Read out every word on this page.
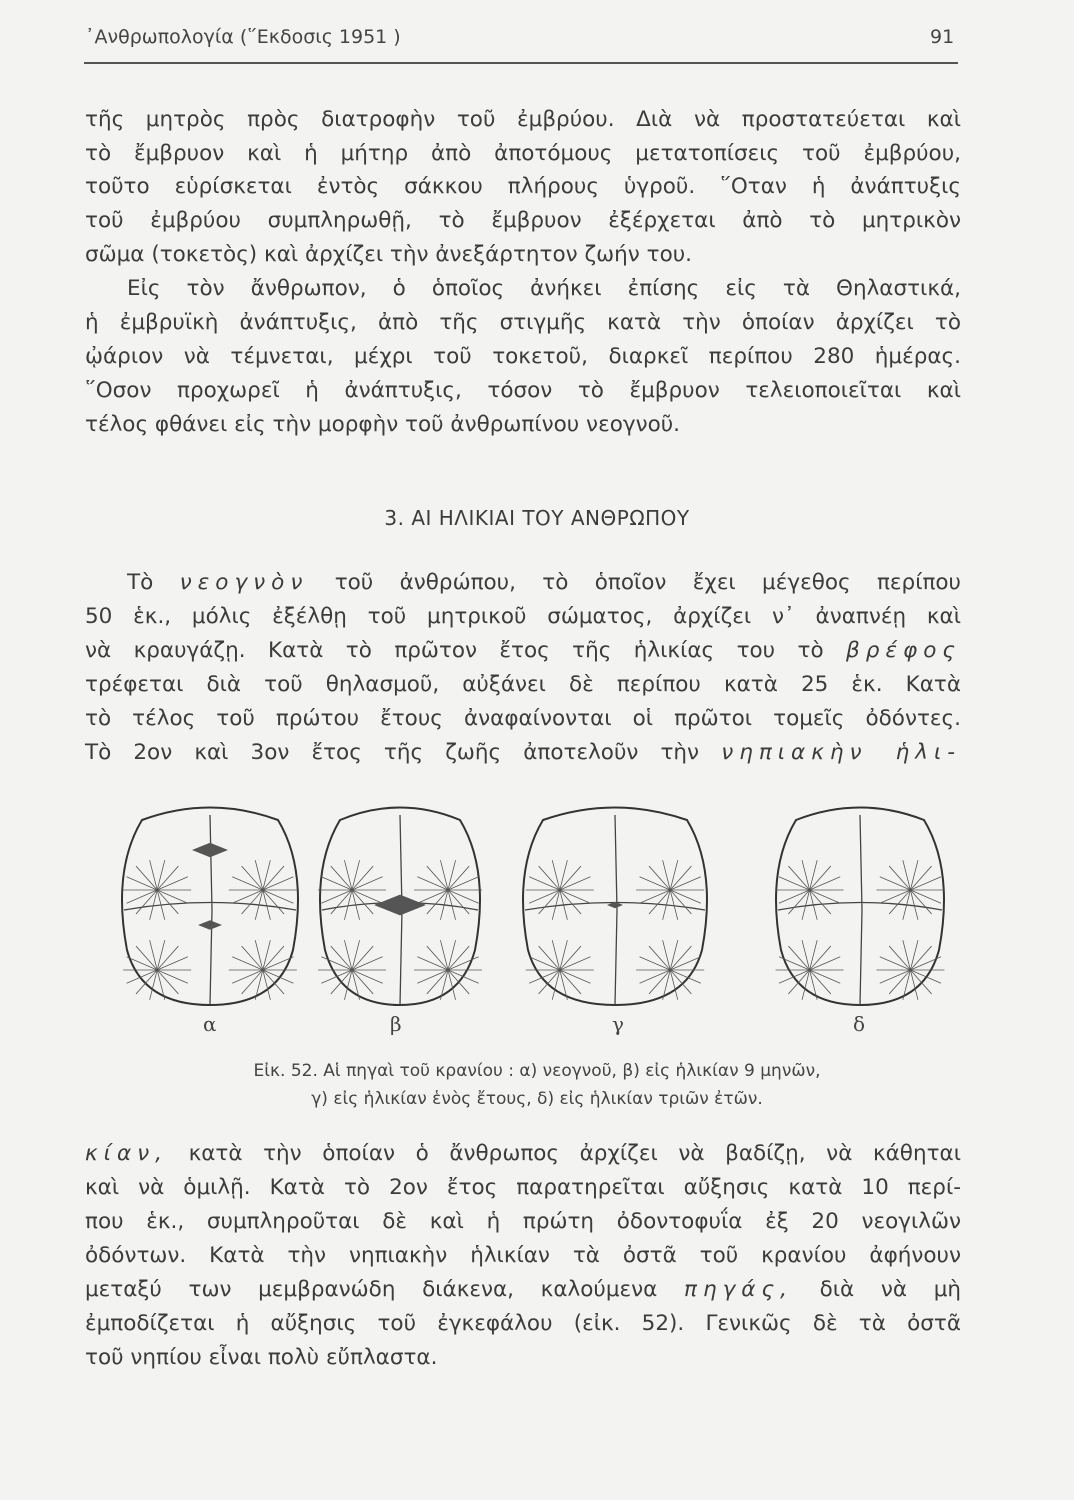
᾿Ανθρωπολογία (῞Εκδοσις 1951 )	91
τῆς μητρὸς πρὸς διατροφὴν τοῦ ἐμβρύου. Διὰ νὰ προστατεύεται καὶ
τὸ ἔμβρυον καὶ ἡ μήτηρ ἀπὸ ἀποτόμους μετατοπίσεις τοῦ ἐμβρύου,
τοῦτο εὑρίσκεται ἐντὸς σάκκου πλήρους ὑγροῦ. ῞Οταν ἡ ἀνάπτυξις
τοῦ ἐμβρύου συμπληρωθῇ, τὸ ἔμβρυον ἐξέρχεται ἀπὸ τὸ μητρικὸν
σῶμα (τοκετὸς) καὶ ἀρχίζει τὴν ἀνεξάρτητον ζωήν του.
Εἰς τὸν ἄνθρωπον, ὁ ὁποῖος ἀνήκει ἐπίσης εἰς τὰ Θηλαστικά,
ἡ ἐμβρυϊκὴ ἀνάπτυξις, ἀπὸ τῆς στιγμῆς κατὰ τὴν ὁποίαν ἀρχίζει τὸ
ᾠάριον νὰ τέμνεται, μέχρι τοῦ τοκετοῦ, διαρκεῖ περίπου 280 ἡμέρας.
῞Οσον προχωρεῖ ἡ ἀνάπτυξις, τόσον τὸ ἔμβρυον τελειοποιεῖται καὶ
τέλος φθάνει εἰς τὴν μορφὴν τοῦ ἀνθρωπίνου νεογνοῦ.
3. ΑΙ ΗΛΙΚΙΑΙ ΤΟΥ ΑΝΘΡΩΠΟΥ
Τὸ νεογνὸν τοῦ ἀνθρώπου, τὸ ὁποῖον ἔχει μέγεθος περίπου
50 ἑκ., μόλις ἐξέλθῃ τοῦ μητρικοῦ σώματος, ἀρχίζει ν᾿ ἀναπνέῃ καὶ
νὰ κραυγάζῃ. Κατὰ τὸ πρῶτον ἔτος τῆς ἡλικίας του τὸ βρέφος
τρέφεται διὰ τοῦ θηλασμοῦ, αὐξάνει δὲ περίπου κατὰ 25 ἑκ. Κατὰ
τὸ τέλος τοῦ πρώτου ἔτους ἀναφαίνονται οἱ πρῶτοι τομεῖς ὀδόντες.
Τὸ 2ον καὶ 3ον ἔτος τῆς ζωῆς ἀποτελοῦν τὴν νηπιακὴν ἡλι-
α	β	γ	δ
Εἰκ. 52. Αἱ πηγαὶ τοῦ κρανίου : α) νεογνοῦ, β) εἰς ἡλικίαν 9 μηνῶν,
γ) εἰς ἡλικίαν ἑνὸς ἔτους, δ) εἰς ἡλικίαν τριῶν ἐτῶν.
κίαν, κατὰ τὴν ὁποίαν ὁ ἄνθρωπος ἀρχίζει νὰ βαδίζῃ, νὰ κάθηται
καὶ νὰ ὁμιλῇ. Κατὰ τὸ 2ον ἔτος παρατηρεῖται αὔξησις κατὰ 10 περί-
που ἑκ., συμπληροῦται δὲ καὶ ἡ πρώτη ὀδοντοφυΐα ἐξ 20 νεογιλῶν
ὀδόντων. Κατὰ τὴν νηπιακὴν ἡλικίαν τὰ ὀστᾶ τοῦ κρανίου ἀφήνουν
μεταξύ των μεμβρανώδη διάκενα, καλούμενα πηγάς, διὰ νὰ μὴ
ἐμποδίζεται ἡ αὔξησις τοῦ ἐγκεφάλου (εἰκ. 52). Γενικῶς δὲ τὰ ὀστᾶ
τοῦ νηπίου εἶναι πολὺ εὔπλαστα.
